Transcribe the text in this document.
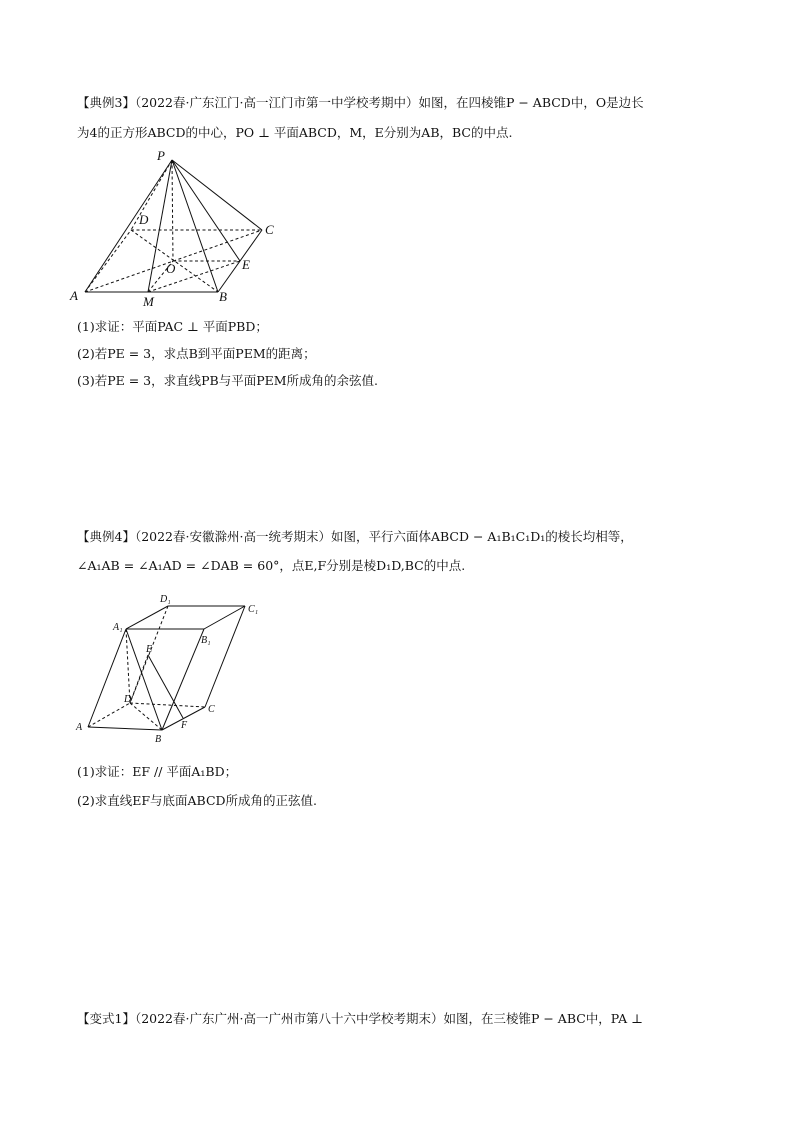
【典例3】（2022春·广东江门·高一江门市第一中学校考期中）如图，在四棱锥P − ABCD中，O是边长
为4的正方形ABCD的中心，PO ⊥ 平面ABCD，M，E分别为AB，BC的中点.
P
D
C
O	E
A	M	B
(1)求证：平面PAC ⊥ 平面PBD；
(2)若PE = 3，求点B到平面PEM的距离；
(3)若PE = 3，求直线PB与平面PEM所成角的余弦值.
【典例4】（2022春·安徽滁州·高一统考期末）如图，平行六面体ABCD − A₁B₁C₁D₁的棱长均相等，
∠A₁AB = ∠A₁AD = ∠DAB = 60°，点E,F分别是棱D₁D,BC的中点.
D₁
C₁
A₁
B₁
E
D
C
A	F
B
(1)求证：EF // 平面A₁BD；
(2)求直线EF与底面ABCD所成角的正弦值.
【变式1】（2022春·广东广州·高一广州市第八十六中学校考期末）如图，在三棱锥P − ABC中，PA ⊥
